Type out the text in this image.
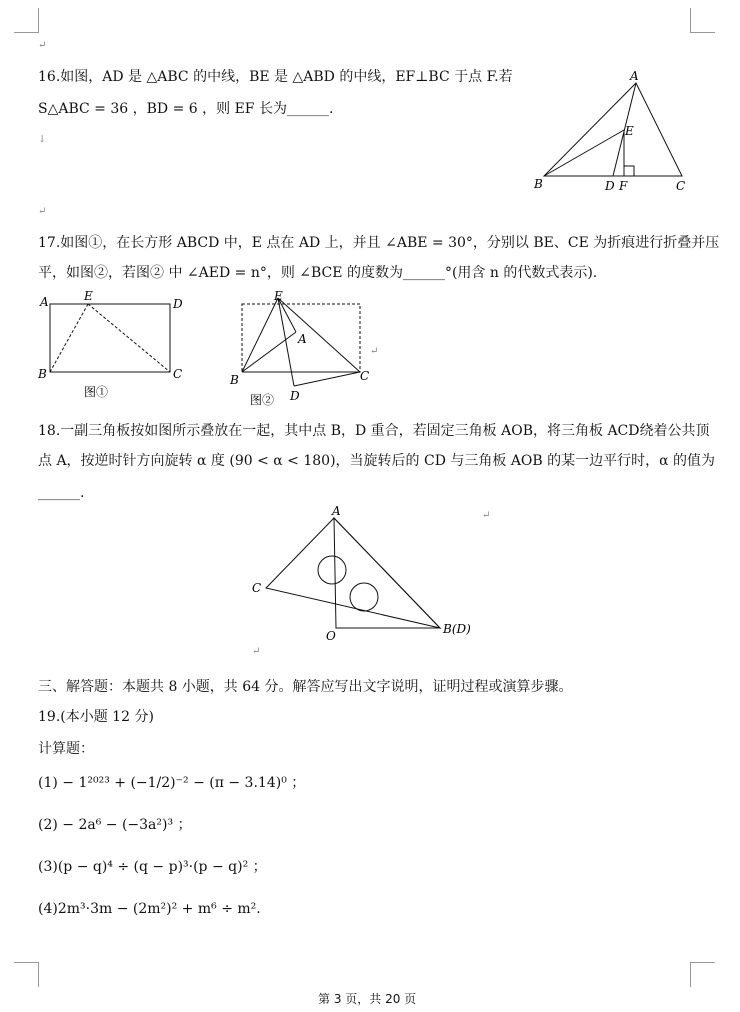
↵
↓
↵
16.如图，AD 是 △ABC 的中线，BE 是 △ABD 的中线，EF⊥BC 于点 F.若
S△ABC = 36 ，BD = 6 ，则 EF 长为______.
A
E
B	D F	C
17.如图①，在长方形 ABCD 中，E 点在 AD 上，并且 ∠ABE = 30°，分别以 BE、CE 为折痕进行折叠并压
平，如图②，若图② 中 ∠AED = n°，则 ∠BCE 的度数为______°(用含 n 的代数式表示).
A	E
D
B	C
图①
E
A
B	C
D
图②
↵
18.一副三角板按如图所示叠放在一起，其中点 B，D 重合，若固定三角板 AOB，将三角板 ACD绕着公共顶
点 A，按逆时针方向旋转 α 度 (90 < α < 180)，当旋转后的 CD 与三角板 AOB 的某一边平行时，α 的值为
______.
A
C
O	B(D)
↵
↵
三、解答题：本题共 8 小题，共 64 分。解答应写出文字说明，证明过程或演算步骤。
19.(本小题 12 分)
计算题：
(1) − 1²⁰²³ + (−1/2)⁻² − (π − 3.14)⁰ ；
(2) − 2a⁶ − (−3a²)³ ；
(3)(p − q)⁴ ÷ (q − p)³·(p − q)² ；
(4)2m³·3m − (2m²)² + m⁶ ÷ m².
第 3 页，共 20 页
